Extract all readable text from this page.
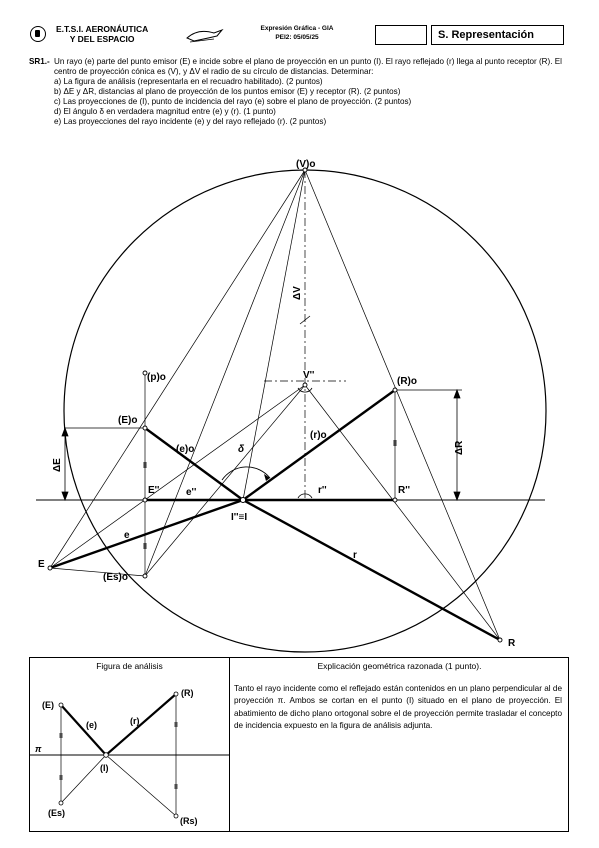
E.T.S.I. AERONÁUTICA
Y DEL ESPACIO
Expresión Gráfica - GIA
PEI2: 05/05/25	S. Representación
SR1.- Un rayo (e) parte del punto emisor (E) e incide sobre el plano de proyección en un punto (I). El rayo reflejado (r) llega al punto receptor (R). El centro de proyección cónica es (V), y ΔV el radio de su círculo de distancias. Determinar:
a) La figura de análisis (representarla en el recuadro habilitado). (2 puntos)
b) ΔE y ΔR, distancias al plano de proyección de los puntos emisor (E) y receptor (R). (2 puntos)
c) Las proyecciones de (I), punto de incidencia del rayo (e) sobre el plano de proyección. (2 puntos)
d) El ángulo δ en verdadera magnitud entre (e) y (r). (1 punto)
e) Las proyecciones del rayo incidente (e) y del rayo reflejado (r). (2 puntos)
(V)o
ΔV
V''
(p)o	(R)o
(E)o
(e)o
(r)o
δ
ΔE
ΔR
E''	e''	r''	R''
I''≡I
e
E
(Es)o
r
R
Figura de análisis
(E)
(e)	(r)
(R)
π
(I)
(Es)
(Rs)
Explicación geométrica razonada (1 punto).
Tanto el rayo incidente como el reflejado están contenidos en un plano perpendicular al de proyección π. Ambos se cortan en el punto (I) situado en el plano de proyección. El abatimiento de dicho plano ortogonal sobre el de proyección permite trasladar el concepto de incidencia expuesto en la figura de análisis adjunta.
